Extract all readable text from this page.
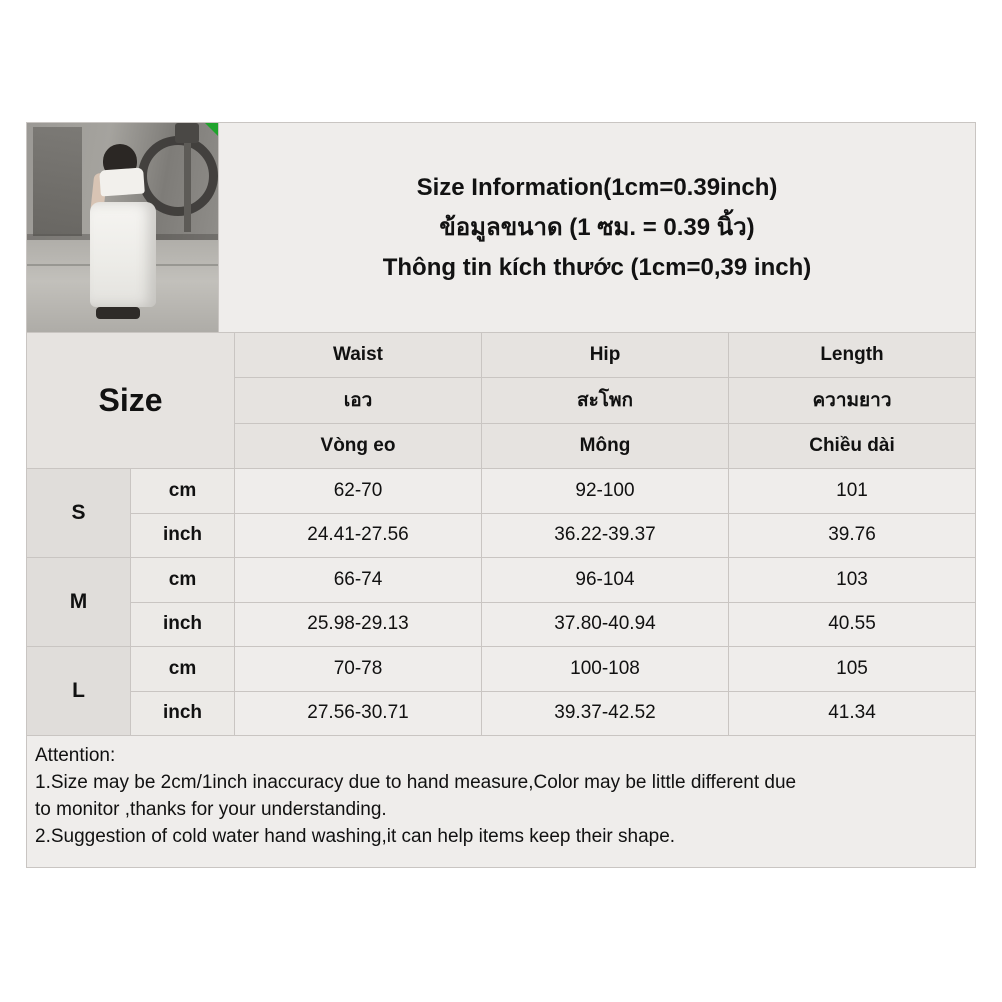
Size Information(1cm=0.39inch)
ข้อมูลขนาด (1 ซม. = 0.39 นิ้ว)
Thông tin kích thước (1cm=0,39 inch)
Size
Waist	Hip	Length
เอว	สะโพก	ความยาว
Vòng eo	Mông	Chiều dài
S
cm	62-70	92-100	101
inch	24.41-27.56	36.22-39.37	39.76
M
cm	66-74	96-104	103
inch	25.98-29.13	37.80-40.94	40.55
L
cm	70-78	100-108	105
inch	27.56-30.71	39.37-42.52	41.34

Attention:

1.Size may be 2cm/1inch inaccuracy due to hand measure,Color may be little different due

to monitor ,thanks for your understanding.

2.Suggestion of cold water hand washing,it can help items keep their shape.
